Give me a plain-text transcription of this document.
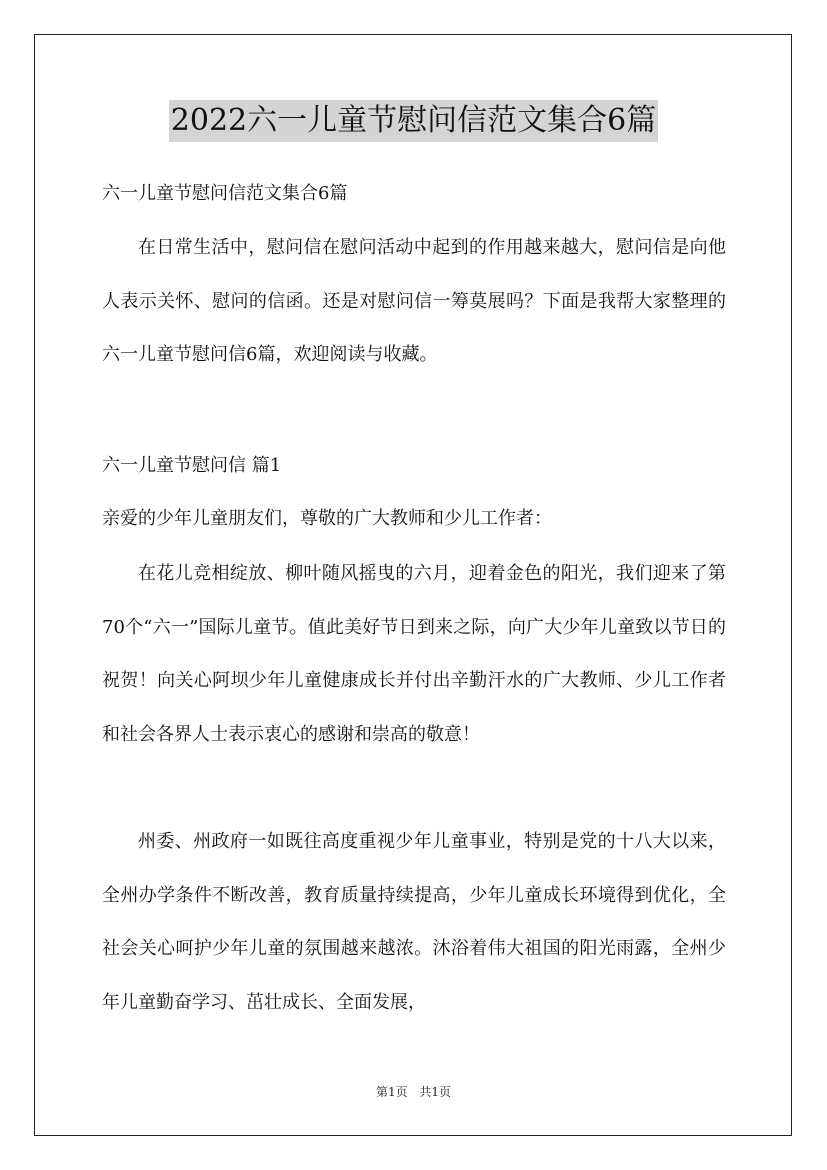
2022六一儿童节慰问信范文集合6篇
六一儿童节慰问信范文集合6篇

在日常生活中，慰问信在慰问活动中起到的作用越来越大，慰问信是向他人表示关怀、慰问的信函。还是对慰问信一筹莫展吗？下面是我帮大家整理的六一儿童节慰问信6篇，欢迎阅读与收藏。

六一儿童节慰问信 篇1
亲爱的少年儿童朋友们，尊敬的广大教师和少儿工作者：

在花儿竞相绽放、柳叶随风摇曳的六月，迎着金色的阳光，我们迎来了第70个“六一”国际儿童节。值此美好节日到来之际，向广大少年儿童致以节日的祝贺！向关心阿坝少年儿童健康成长并付出辛勤汗水的广大教师、少儿工作者和社会各界人士表示衷心的感谢和崇高的敬意！

州委、州政府一如既往高度重视少年儿童事业，特别是党的十八大以来，全州办学条件不断改善，教育质量持续提高，少年儿童成长环境得到优化，全社会关心呵护少年儿童的氛围越来越浓。沐浴着伟大祖国的阳光雨露，全州少年儿童勤奋学习、茁壮成长、全面发展，

第1页 共1页
